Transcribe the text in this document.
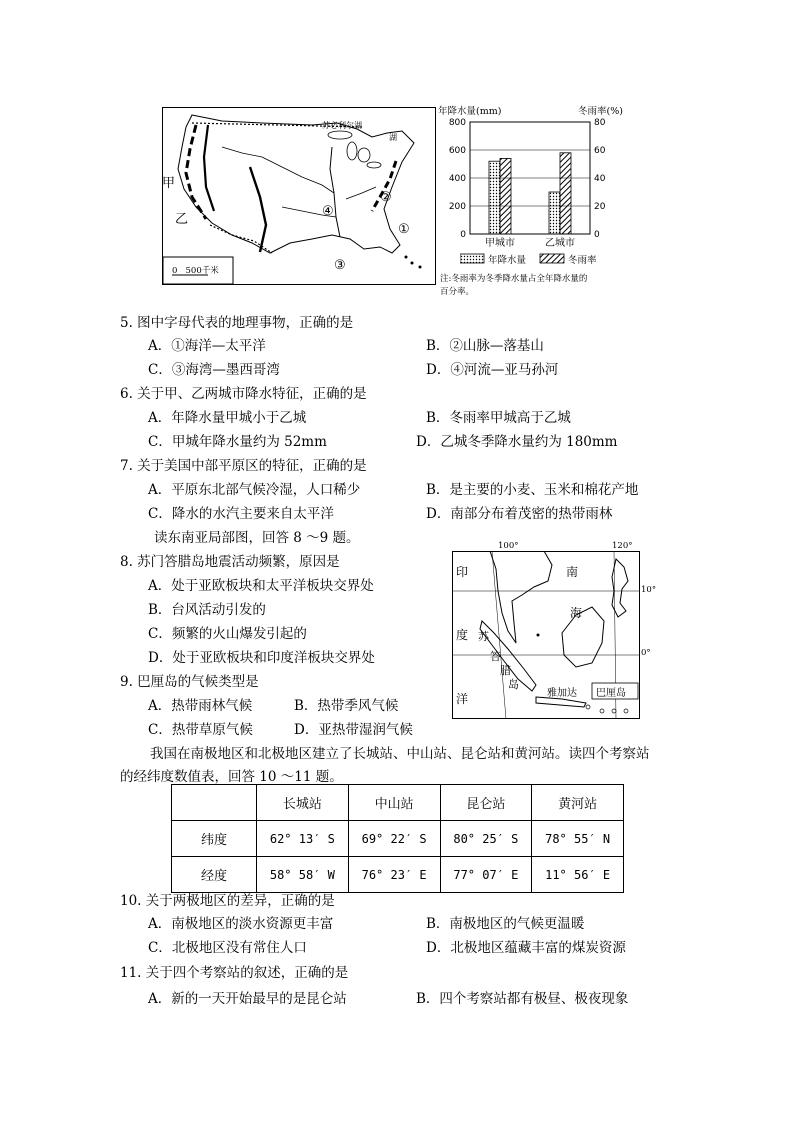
甲
乙
①
②
③
④
苏必利尔湖
湖
0   500千米
年降水量(mm)	冬雨率(%)
0
200
400
600
800
0
20
40
60
80
甲城市	乙城市
年降水量	冬雨率
注:冬雨率为冬季降水量占全年降水量的
百分率。
5. 图中字母代表的地理事物，正确的是
A．①海洋—太平洋	B．②山脉—落基山
C．③海湾—墨西哥湾	D．④河流—亚马孙河
6. 关于甲、乙两城市降水特征，正确的是
A．年降水量甲城小于乙城	B．冬雨率甲城高于乙城
C．甲城年降水量约为 52mm	D．乙城冬季降水量约为 180mm
7. 关于美国中部平原区的特征，正确的是
A．平原东北部气候冷湿，人口稀少	B．是主要的小麦、玉米和棉花产地
C．降水的水汽主要来自太平洋	D．南部分布着茂密的热带雨林
读东南亚局部图，回答 8 ～9 题。
8. 苏门答腊岛地震活动频繁，原因是
A．处于亚欧板块和太平洋板块交界处
B．台风活动引发的
C．频繁的火山爆发引起的
D．处于亚欧板块和印度洋板块交界处
9. 巴厘岛的气候类型是
A．热带雨林气候	B．热带季风气候
C．热带草原气候	D．亚热带湿润气候
100°	120°
10°
0°
印
度
洋
南
海
苏
答
腊
岛
雅加达 巴厘岛
我国在南极地区和北极地区建立了长城站、中山站、昆仑站和黄河站。读四个考察站
的经纬度数值表，回答 10 ～11 题。
	长城站	中山站	昆仑站	黄河站
纬度	62° 13′ S	69° 22′ S	80° 25′ S	78° 55′ N
经度	58° 58′ W	76° 23′ E	77° 07′ E	11° 56′ E
10. 关于两极地区的差异，正确的是
A．南极地区的淡水资源更丰富	B．南极地区的气候更温暖
C．北极地区没有常住人口	D．北极地区蕴藏丰富的煤炭资源
11. 关于四个考察站的叙述，正确的是
A．新的一天开始最早的是昆仑站	B．四个考察站都有极昼、极夜现象
